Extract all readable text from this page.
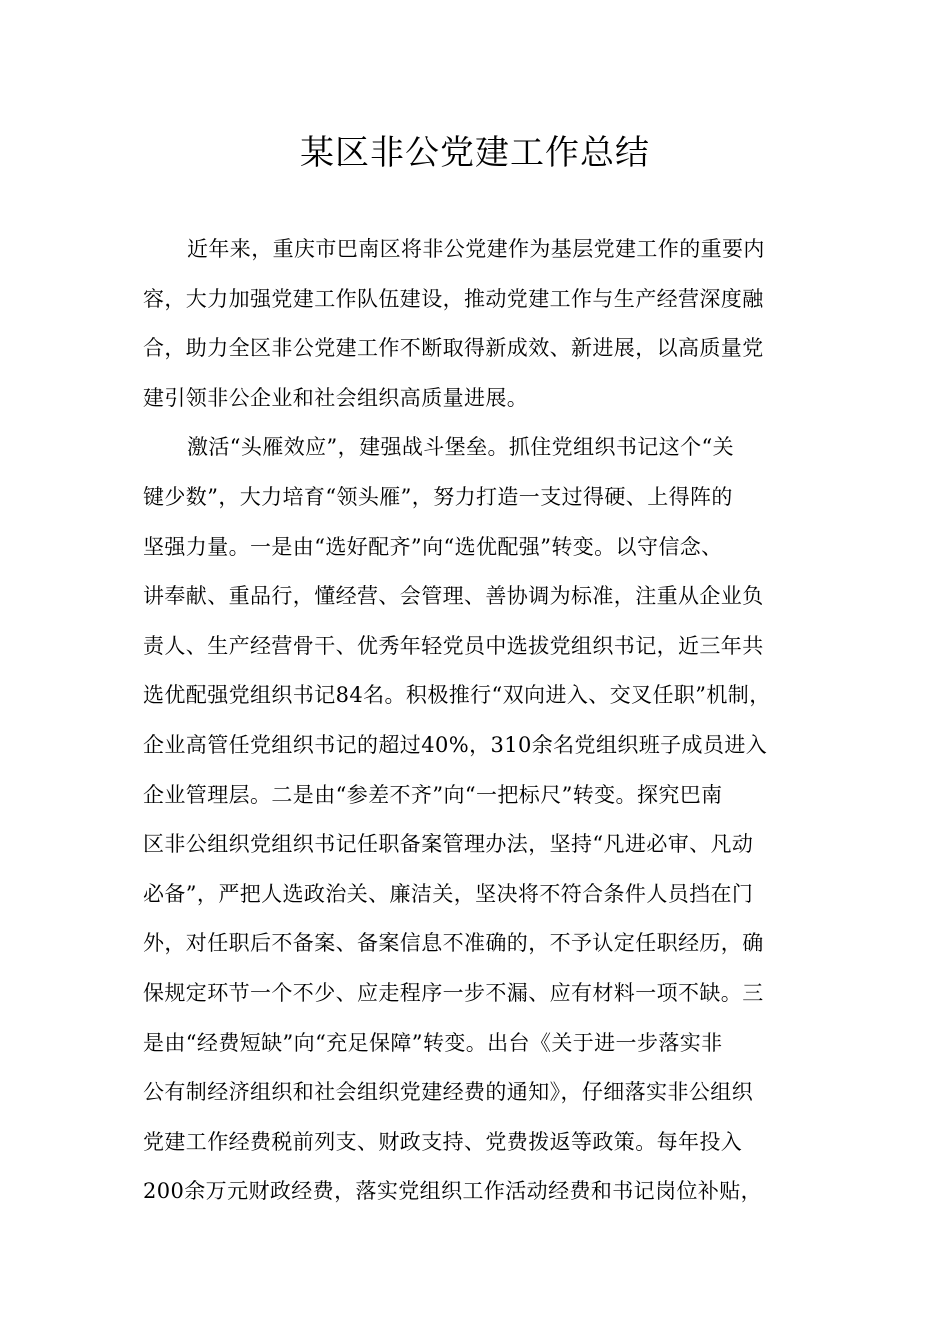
某区非公党建工作总结
近年来，重庆市巴南区将非公党建作为基层党建工作的重要内
容，大力加强党建工作队伍建设，推动党建工作与生产经营深度融
合，助力全区非公党建工作不断取得新成效、新进展，以高质量党
建引领非公企业和社会组织高质量进展。
激活“头雁效应”，建强战斗堡垒。抓住党组织书记这个“关
键少数”，大力培育“领头雁”，努力打造一支过得硬、上得阵的
坚强力量。一是由“选好配齐”向“选优配强”转变。以守信念、
讲奉献、重品行，懂经营、会管理、善协调为标准，注重从企业负
责人、生产经营骨干、优秀年轻党员中选拔党组织书记，近三年共
选优配强党组织书记84名。积极推行“双向进入、交叉任职”机制，
企业高管任党组织书记的超过40%，310余名党组织班子成员进入
企业管理层。二是由“参差不齐”向“一把标尺”转变。探究巴南
区非公组织党组织书记任职备案管理办法，坚持“凡进必审、凡动
必备”，严把人选政治关、廉洁关，坚决将不符合条件人员挡在门
外，对任职后不备案、备案信息不准确的，不予认定任职经历，确
保规定环节一个不少、应走程序一步不漏、应有材料一项不缺。三
是由“经费短缺”向“充足保障”转变。出台《关于进一步落实非
公有制经济组织和社会组织党建经费的通知》，仔细落实非公组织
党建工作经费税前列支、财政支持、党费拨返等政策。每年投入
200余万元财政经费，落实党组织工作活动经费和书记岗位补贴，
